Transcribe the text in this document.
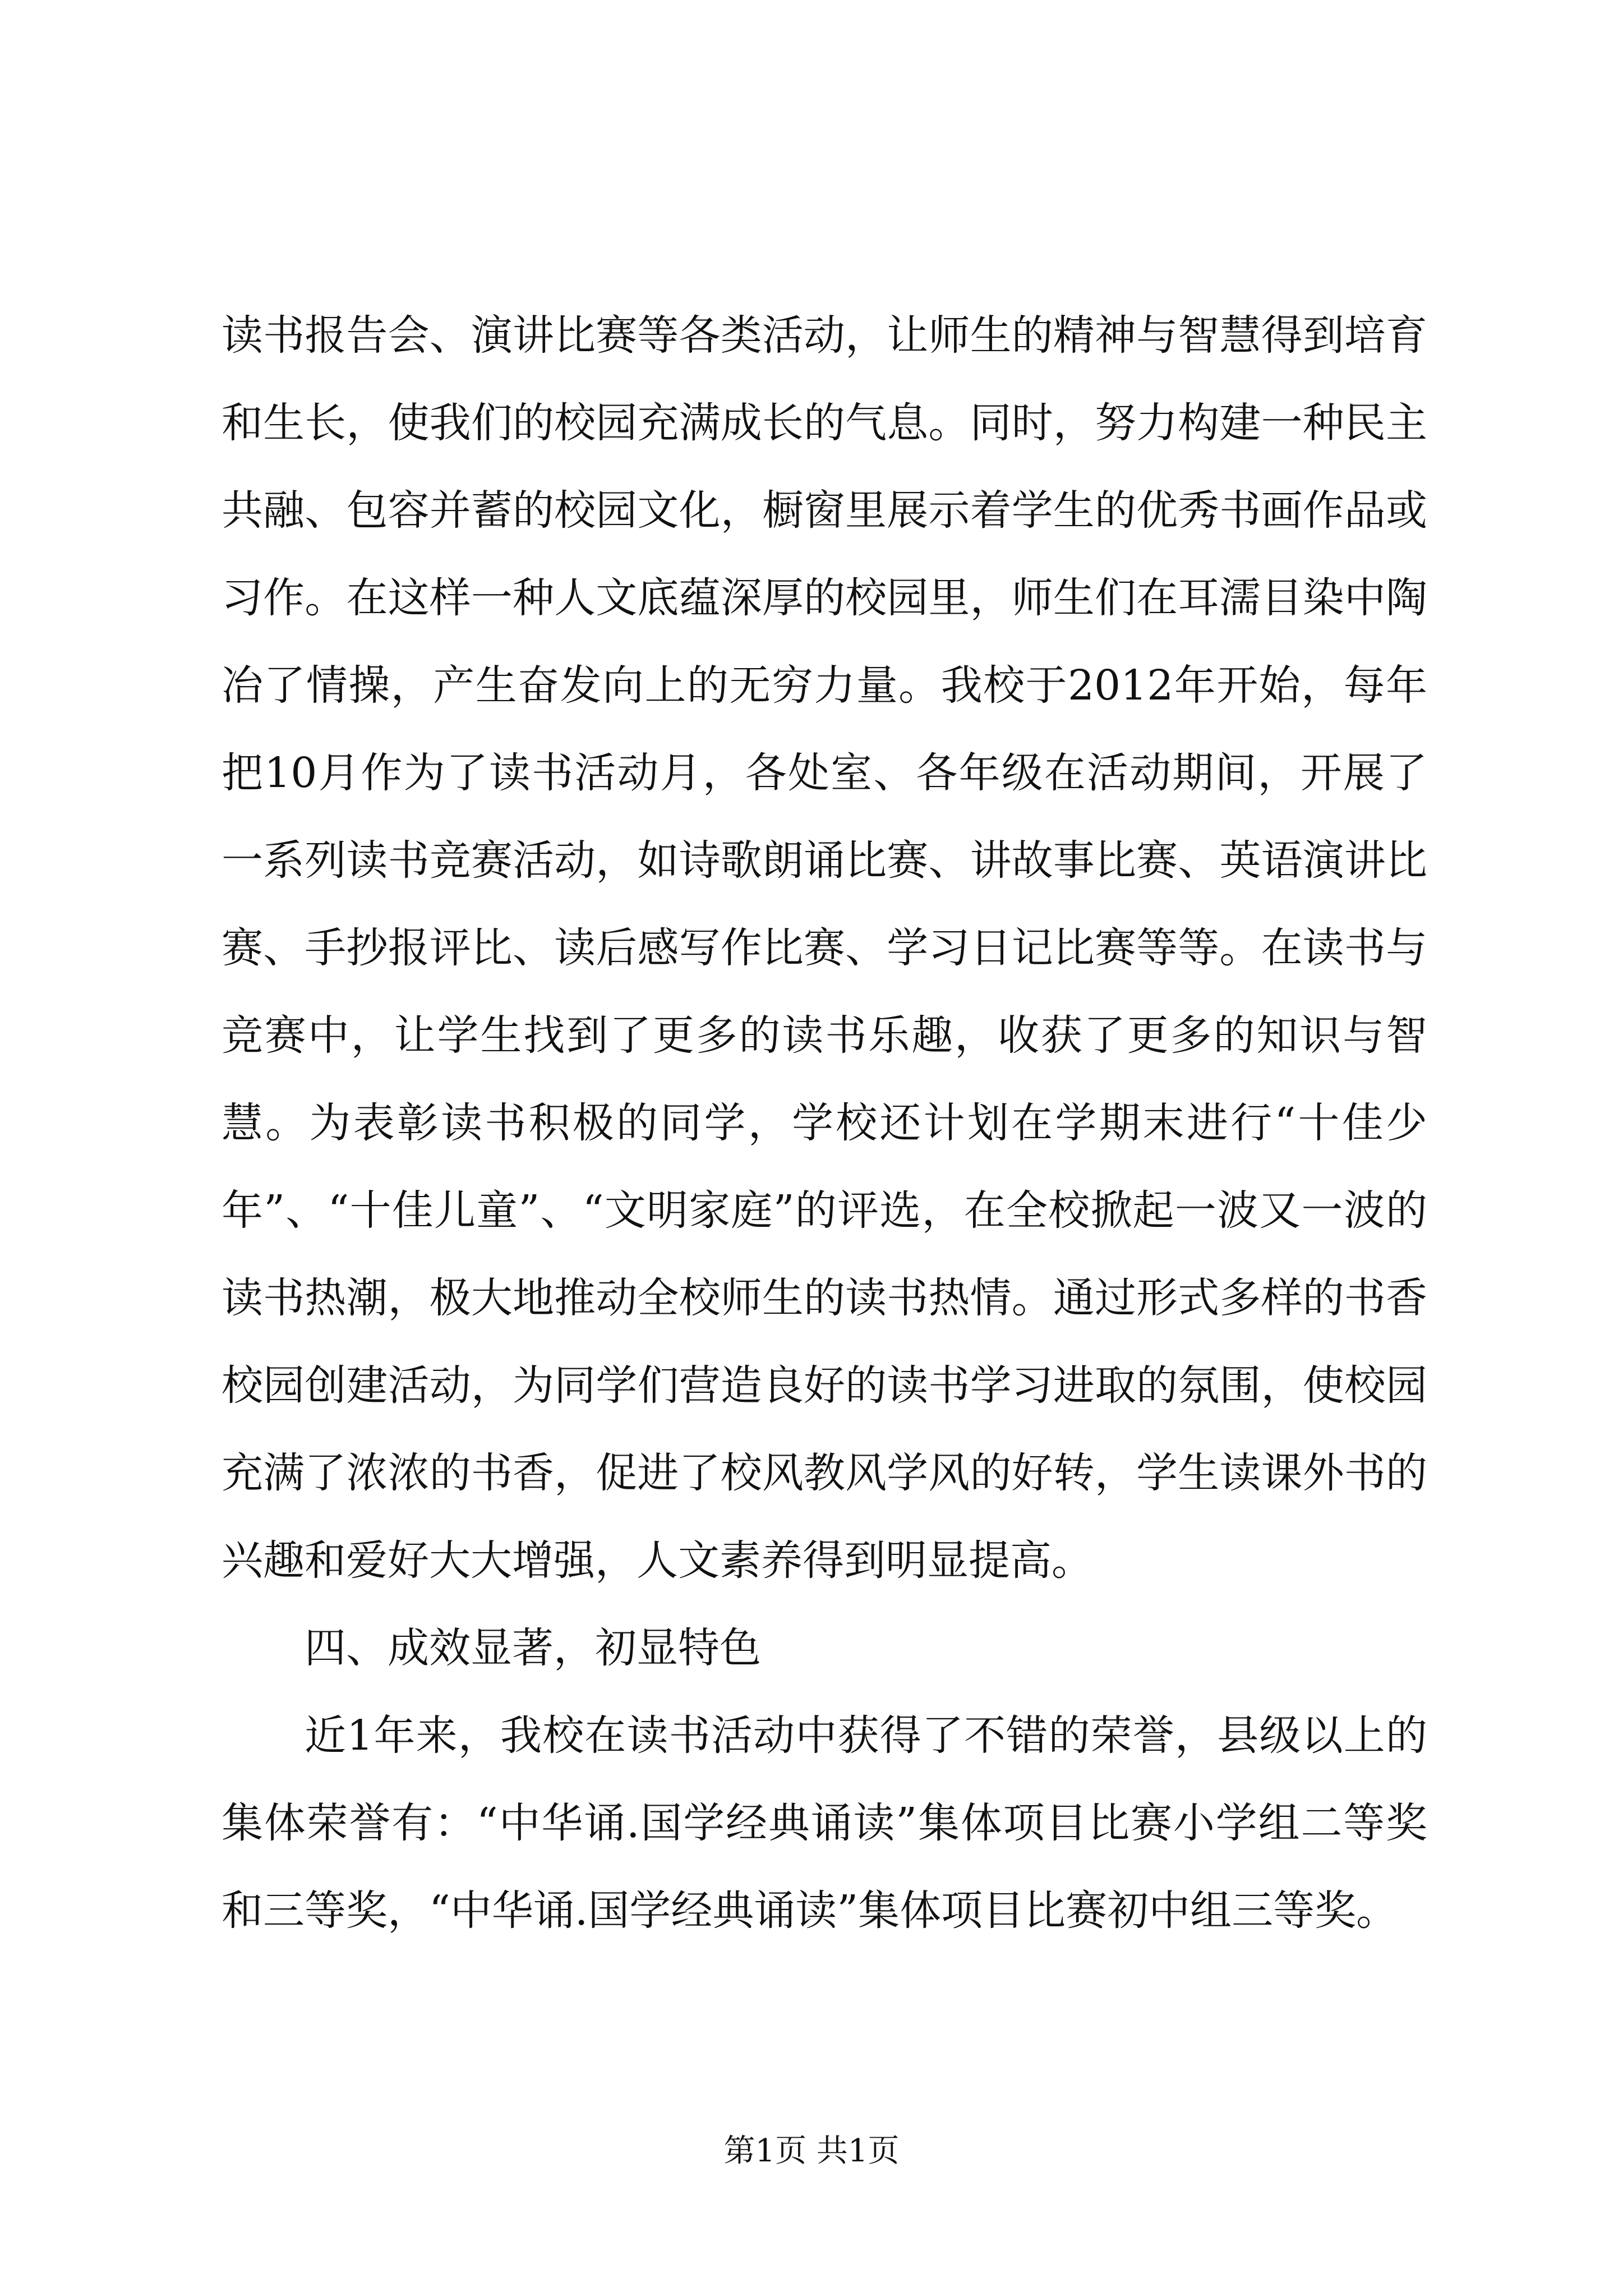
读书报告会、演讲比赛等各类活动，让师生的精神与智慧得到培育和生长，使我们的校园充满成长的气息。同时，努力构建一种民主共融、包容并蓄的校园文化，橱窗里展示着学生的优秀书画作品或习作。在这样一种人文底蕴深厚的校园里，师生们在耳濡目染中陶冶了情操，产生奋发向上的无穷力量。我校于2012年开始，每年把10月作为了读书活动月，各处室、各年级在活动期间，开展了一系列读书竞赛活动，如诗歌朗诵比赛、讲故事比赛、英语演讲比赛、手抄报评比、读后感写作比赛、学习日记比赛等等。在读书与竞赛中，让学生找到了更多的读书乐趣，收获了更多的知识与智慧。为表彰读书积极的同学，学校还计划在学期末进行“十佳少年”、“十佳儿童”、“文明家庭”的评选，在全校掀起一波又一波的读书热潮，极大地推动全校师生的读书热情。通过形式多样的书香校园创建活动，为同学们营造良好的读书学习进取的氛围，使校园充满了浓浓的书香，促进了校风教风学风的好转，学生读课外书的兴趣和爱好大大增强，人文素养得到明显提高。

四、成效显著，初显特色

近1年来，我校在读书活动中获得了不错的荣誉，县级以上的集体荣誉有：“中华诵.国学经典诵读”集体项目比赛小学组二等奖和三等奖，“中华诵.国学经典诵读”集体项目比赛初中组三等奖。

第1页 共1页
